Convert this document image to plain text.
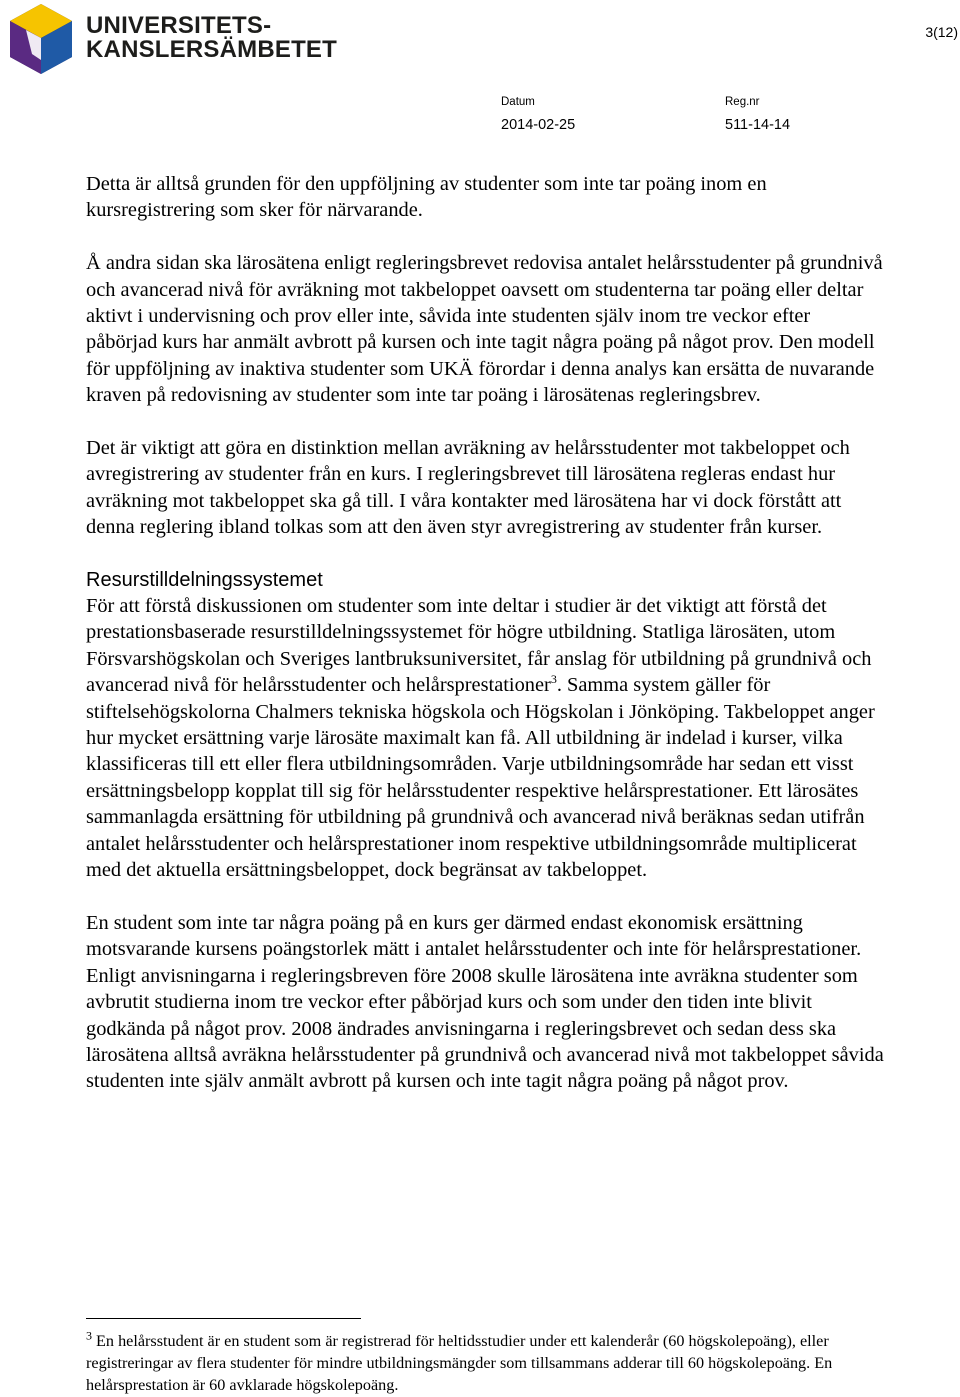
UNIVERSITETS-
KANSLERSÄMBETET
3(12)
Datum
2014-02-25
Reg.nr
511-14-14

Detta är alltså grunden för den uppföljning av studenter som inte tar poäng inom en kursregistrering som sker för närvarande.

Å andra sidan ska lärosätena enligt regleringsbrevet redovisa antalet helårsstudenter på grundnivå och avancerad nivå för avräkning mot takbeloppet oavsett om studenterna tar poäng eller deltar aktivt i undervisning och prov eller inte, såvida inte studenten själv inom tre veckor efter påbörjad kurs har anmält avbrott på kursen och inte tagit några poäng på något prov. Den modell för uppföljning av inaktiva studenter som UKÄ förordar i denna analys kan ersätta de nuvarande kraven på redovisning av studenter som inte tar poäng i lärosätenas regleringsbrev.

Det är viktigt att göra en distinktion mellan avräkning av helårsstudenter mot takbeloppet och avregistrering av studenter från en kurs. I regleringsbrevet till lärosätena regleras endast hur avräkning mot takbeloppet ska gå till. I våra kontakter med lärosätena har vi dock förstått att denna reglering ibland tolkas som att den även styr avregistrering av studenter från kurser.

Resurstilldelningssystemet

För att förstå diskussionen om studenter som inte deltar i studier är det viktigt att förstå det prestationsbaserade resurstilldelningssystemet för högre utbildning. Statliga lärosäten, utom Försvarshögskolan och Sveriges lantbruksuniversitet, får anslag för utbildning på grundnivå och avancerad nivå för helårsstudenter och helårsprestationer$^3$. Samma system gäller för stiftelsehögskolorna Chalmers tekniska högskola och Högskolan i Jönköping. Takbeloppet anger hur mycket ersättning varje lärosäte maximalt kan få. All utbildning är indelad i kurser, vilka klassificeras till ett eller flera utbildningsområden. Varje utbildningsområde har sedan ett visst ersättningsbelopp kopplat till sig för helårsstudenter respektive helårsprestationer. Ett lärosätes sammanlagda ersättning för utbildning på grundnivå och avancerad nivå beräknas sedan utifrån antalet helårsstudenter och helårsprestationer inom respektive utbildningsområde multiplicerat med det aktuella ersättningsbeloppet, dock begränsat av takbeloppet.

En student som inte tar några poäng på en kurs ger därmed endast ekonomisk ersättning motsvarande kursens poängstorlek mätt i antalet helårsstudenter och inte för helårsprestationer. Enligt anvisningarna i regleringsbreven före 2008 skulle lärosätena inte avräkna studenter som avbrutit studierna inom tre veckor efter påbörjad kurs och som under den tiden inte blivit godkända på något prov. 2008 ändrades anvisningarna i regleringsbrevet och sedan dess ska lärosätena alltså avräkna helårsstudenter på grundnivå och avancerad nivå mot takbeloppet såvida studenten inte själv anmält avbrott på kursen och inte tagit några poäng på något prov.

$^3$ En helårsstudent är en student som är registrerad för heltidsstudier under ett kalenderår (60 högskolepoäng), eller registreringar av flera studenter för mindre utbildningsmängder som tillsammans adderar till 60 högskolepoäng. En helårsprestation är 60 avklarade högskolepoäng.
